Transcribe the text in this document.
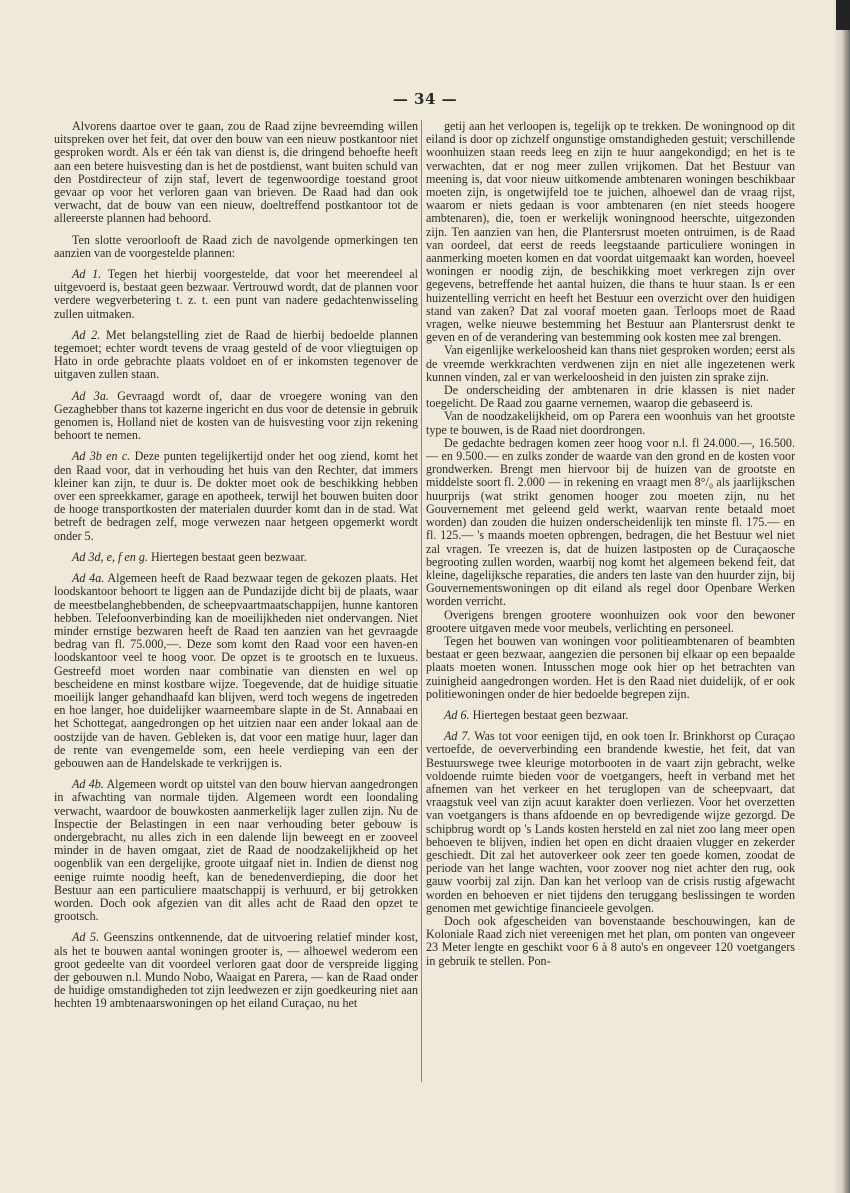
— 34 —

Alvorens daartoe over te gaan, zou de Raad zijne bevreemding willen uitspreken over het feit, dat over den bouw van een nieuw postkantoor niet gesproken wordt. Als er één tak van dienst is, die dringend behoefte heeft aan een betere huisvesting dan is het de postdienst, want buiten schuld van den Postdirecteur of zijn staf, levert de tegenwoordige toestand groot gevaar op voor het verloren gaan van brieven. De Raad had dan ook verwacht, dat de bouw van een nieuw, doeltreffend postkantoor tot de allereerste plannen had behoord.

Ten slotte veroorlooft de Raad zich de navolgende opmerkingen ten aanzien van de voorgestelde plannen:

Ad 1. Tegen het hierbij voorgestelde, dat voor het meerendeel al uitgevoerd is, bestaat geen bezwaar. Vertrouwd wordt, dat de plannen voor verdere wegverbetering t. z. t. een punt van nadere gedachtenwisseling zullen uitmaken.

Ad 2. Met belangstelling ziet de Raad de hierbij bedoelde plannen tegemoet; echter wordt tevens de vraag gesteld of de voor vliegtuigen op Hato in orde gebrachte plaats voldoet en of er inkomsten tegenover de uitgaven zullen staan.

Ad 3a. Gevraagd wordt of, daar de vroegere woning van den Gezaghebber thans tot kazerne ingericht en dus voor de detensie in gebruik genomen is, Holland niet de kosten van de huisvesting voor zijn rekening behoort te nemen.

Ad 3b en c. Deze punten tegelijkertijd onder het oog ziend, komt het den Raad voor, dat in verhouding het huis van den Rechter, dat immers kleiner kan zijn, te duur is. De dokter moet ook de beschikking hebben over een spreekkamer, garage en apotheek, terwijl het bouwen buiten door de hooge transportkosten der materialen duurder komt dan in de stad. Wat betreft de bedragen zelf, moge verwezen naar hetgeen opgemerkt wordt onder 5.

Ad 3d, e, f en g. Hiertegen bestaat geen bezwaar.

Ad 4a. Algemeen heeft de Raad bezwaar tegen de gekozen plaats. Het loodskantoor behoort te liggen aan de Pundazijde dicht bij de plaats, waar de meestbelanghebbenden, de scheepvaartmaatschappijen, hunne kantoren hebben. Telefoonverbinding kan de moeilijkheden niet ondervangen. Niet minder ernstige bezwaren heeft de Raad ten aanzien van het gevraagde bedrag van fl. 75.000,—. Deze som komt den Raad voor een haven-en loodskantoor veel te hoog voor. De opzet is te grootsch en te luxueus. Gestreefd moet worden naar combinatie van diensten en wel op bescheidene en minst kostbare wijze. Toegevende, dat de huidige situatie moeilijk langer gehandhaafd kan blijven, werd toch wegens de ingetreden en hoe langer, hoe duidelijker waarneembare slapte in de St. Annabaai en het Schottegat, aangedrongen op het uitzien naar een ander lokaal aan de oostzijde van de haven. Gebleken is, dat voor een matige huur, lager dan de rente van evengemelde som, een heele verdieping van een der gebouwen aan de Handelskade te verkrijgen is.

Ad 4b. Algemeen wordt op uitstel van den bouw hiervan aangedrongen in afwachting van normale tijden. Algemeen wordt een loondaling verwacht, waardoor de bouwkosten aanmerkelijk lager zullen zijn. Nu de Inspectie der Belastingen in een naar verhouding beter gebouw is ondergebracht, nu alles zich in een dalende lijn beweegt en er zooveel minder in de haven omgaat, ziet de Raad de noodzakelijkheid op het oogenblik van een dergelijke, groote uitgaaf niet in. Indien de dienst nog eenige ruimte noodig heeft, kan de benedenverdieping, die door het Bestuur aan een particuliere maatschappij is verhuurd, er bij getrokken worden. Doch ook afgezien van dit alles acht de Raad den opzet te grootsch.

Ad 5. Geenszins ontkennende, dat de uitvoering relatief minder kost, als het te bouwen aantal woningen grooter is, — alhoewel wederom een groot gedeelte van dit voordeel verloren gaat door de verspreide ligging der gebouwen n.l. Mundo Nobo, Waaigat en Parera, — kan de Raad onder de huidige omstandigheden tot zijn leedwezen er zijn goedkeuring niet aan hechten 19 ambtenaarswoningen op het eiland Curaçao, nu het

getij aan het verloopen is, tegelijk op te trekken. De woningnood op dit eiland is door op zichzelf ongunstige omstandigheden gestuit; verschillende woonhuizen staan reeds leeg en zijn te huur aangekondigd; en het is te verwachten, dat er nog meer zullen vrijkomen. Dat het Bestuur van meening is, dat voor nieuw uitkomende ambtenaren woningen beschikbaar moeten zijn, is ongetwijfeld toe te juichen, alhoewel dan de vraag rijst, waarom er niets gedaan is voor ambtenaren (en niet steeds hoogere ambtenaren), die, toen er werkelijk woningnood heerschte, uitgezonden zijn. Ten aanzien van hen, die Plantersrust moeten ontruimen, is de Raad van oordeel, dat eerst de reeds leegstaande particuliere woningen in aanmerking moeten komen en dat voordat uitgemaakt kan worden, hoeveel woningen er noodig zijn, de beschikking moet verkregen zijn over gegevens, betreffende het aantal huizen, die thans te huur staan. Is er een huizentelling verricht en heeft het Bestuur een overzicht over den huidigen stand van zaken? Dat zal vooraf moeten gaan. Terloops moet de Raad vragen, welke nieuwe bestemming het Bestuur aan Plantersrust denkt te geven en of de verandering van bestemming ook kosten mee zal brengen.

Van eigenlijke werkeloosheid kan thans niet gesproken worden; eerst als de vreemde werkkrachten verdwenen zijn en niet alle ingezetenen werk kunnen vinden, zal er van werkeloosheid in den juisten zin sprake zijn.

De onderscheiding der ambtenaren in drie klassen is niet nader toegelicht. De Raad zou gaarne vernemen, waarop die gebaseerd is.

Van de noodzakelijkheid, om op Parera een woonhuis van het grootste type te bouwen, is de Raad niet doordrongen.

De gedachte bedragen komen zeer hoog voor n.l. fl 24.000.—, 16.500.— en 9.500.— en zulks zonder de waarde van den grond en de kosten voor grondwerken. Brengt men hiervoor bij de huizen van de grootste en middelste soort fl. 2.000 — in rekening en vraagt men 8°/₀ als jaarlijkschen huurprijs (wat strikt genomen hooger zou moeten zijn, nu het Gouvernement met geleend geld werkt, waarvan rente betaald moet worden) dan zouden die huizen onderscheidenlijk ten minste fl. 175.— en fl. 125.— 's maands moeten opbrengen, bedragen, die het Bestuur wel niet zal vragen. Te vreezen is, dat de huizen lastposten op de Curaçaosche begrooting zullen worden, waarbij nog komt het algemeen bekend feit, dat kleine, dagelijksche reparaties, die anders ten laste van den huurder zijn, bij Gouvernementswoningen op dit eiland als regel door Openbare Werken worden verricht.

Overigens brengen grootere woonhuizen ook voor den bewoner grootere uitgaven mede voor meubels, verlichting en personeel.

Tegen het bouwen van woningen voor politieambtenaren of beambten bestaat er geen bezwaar, aangezien die personen bij elkaar op een bepaalde plaats moeten wonen. Intusschen moge ook hier op het betrachten van zuinigheid aangedrongen worden. Het is den Raad niet duidelijk, of er ook politiewoningen onder de hier bedoelde begrepen zijn.

Ad 6. Hiertegen bestaat geen bezwaar.

Ad 7. Was tot voor eenigen tijd, en ook toen Ir. Brinkhorst op Curaçao vertoefde, de oeververbinding een brandende kwestie, het feit, dat van Bestuurswege twee kleurige motorbooten in de vaart zijn gebracht, welke voldoende ruimte bieden voor de voetgangers, heeft in verband met het afnemen van het verkeer en het teruglopen van de scheepvaart, dat vraagstuk veel van zijn acuut karakter doen verliezen. Voor het overzetten van voetgangers is thans afdoende en op bevredigende wijze gezorgd. De schipbrug wordt op 's Lands kosten hersteld en zal niet zoo lang meer open behoeven te blijven, indien het open en dicht draaien vlugger en zekerder geschiedt. Dit zal het autoverkeer ook zeer ten goede komen, zoodat de periode van het lange wachten, voor zoover nog niet achter den rug, ook gauw voorbij zal zijn. Dan kan het verloop van de crisis rustig afgewacht worden en behoeven er niet tijdens den teruggang beslissingen te worden genomen met gewichtige financieele gevolgen.

Doch ook afgescheiden van bovenstaande beschouwingen, kan de Koloniale Raad zich niet vereenigen met het plan, om ponten van ongeveer 23 Meter lengte en geschikt voor 6 à 8 auto's en ongeveer 120 voetgangers in gebruik te stellen. Pon-
